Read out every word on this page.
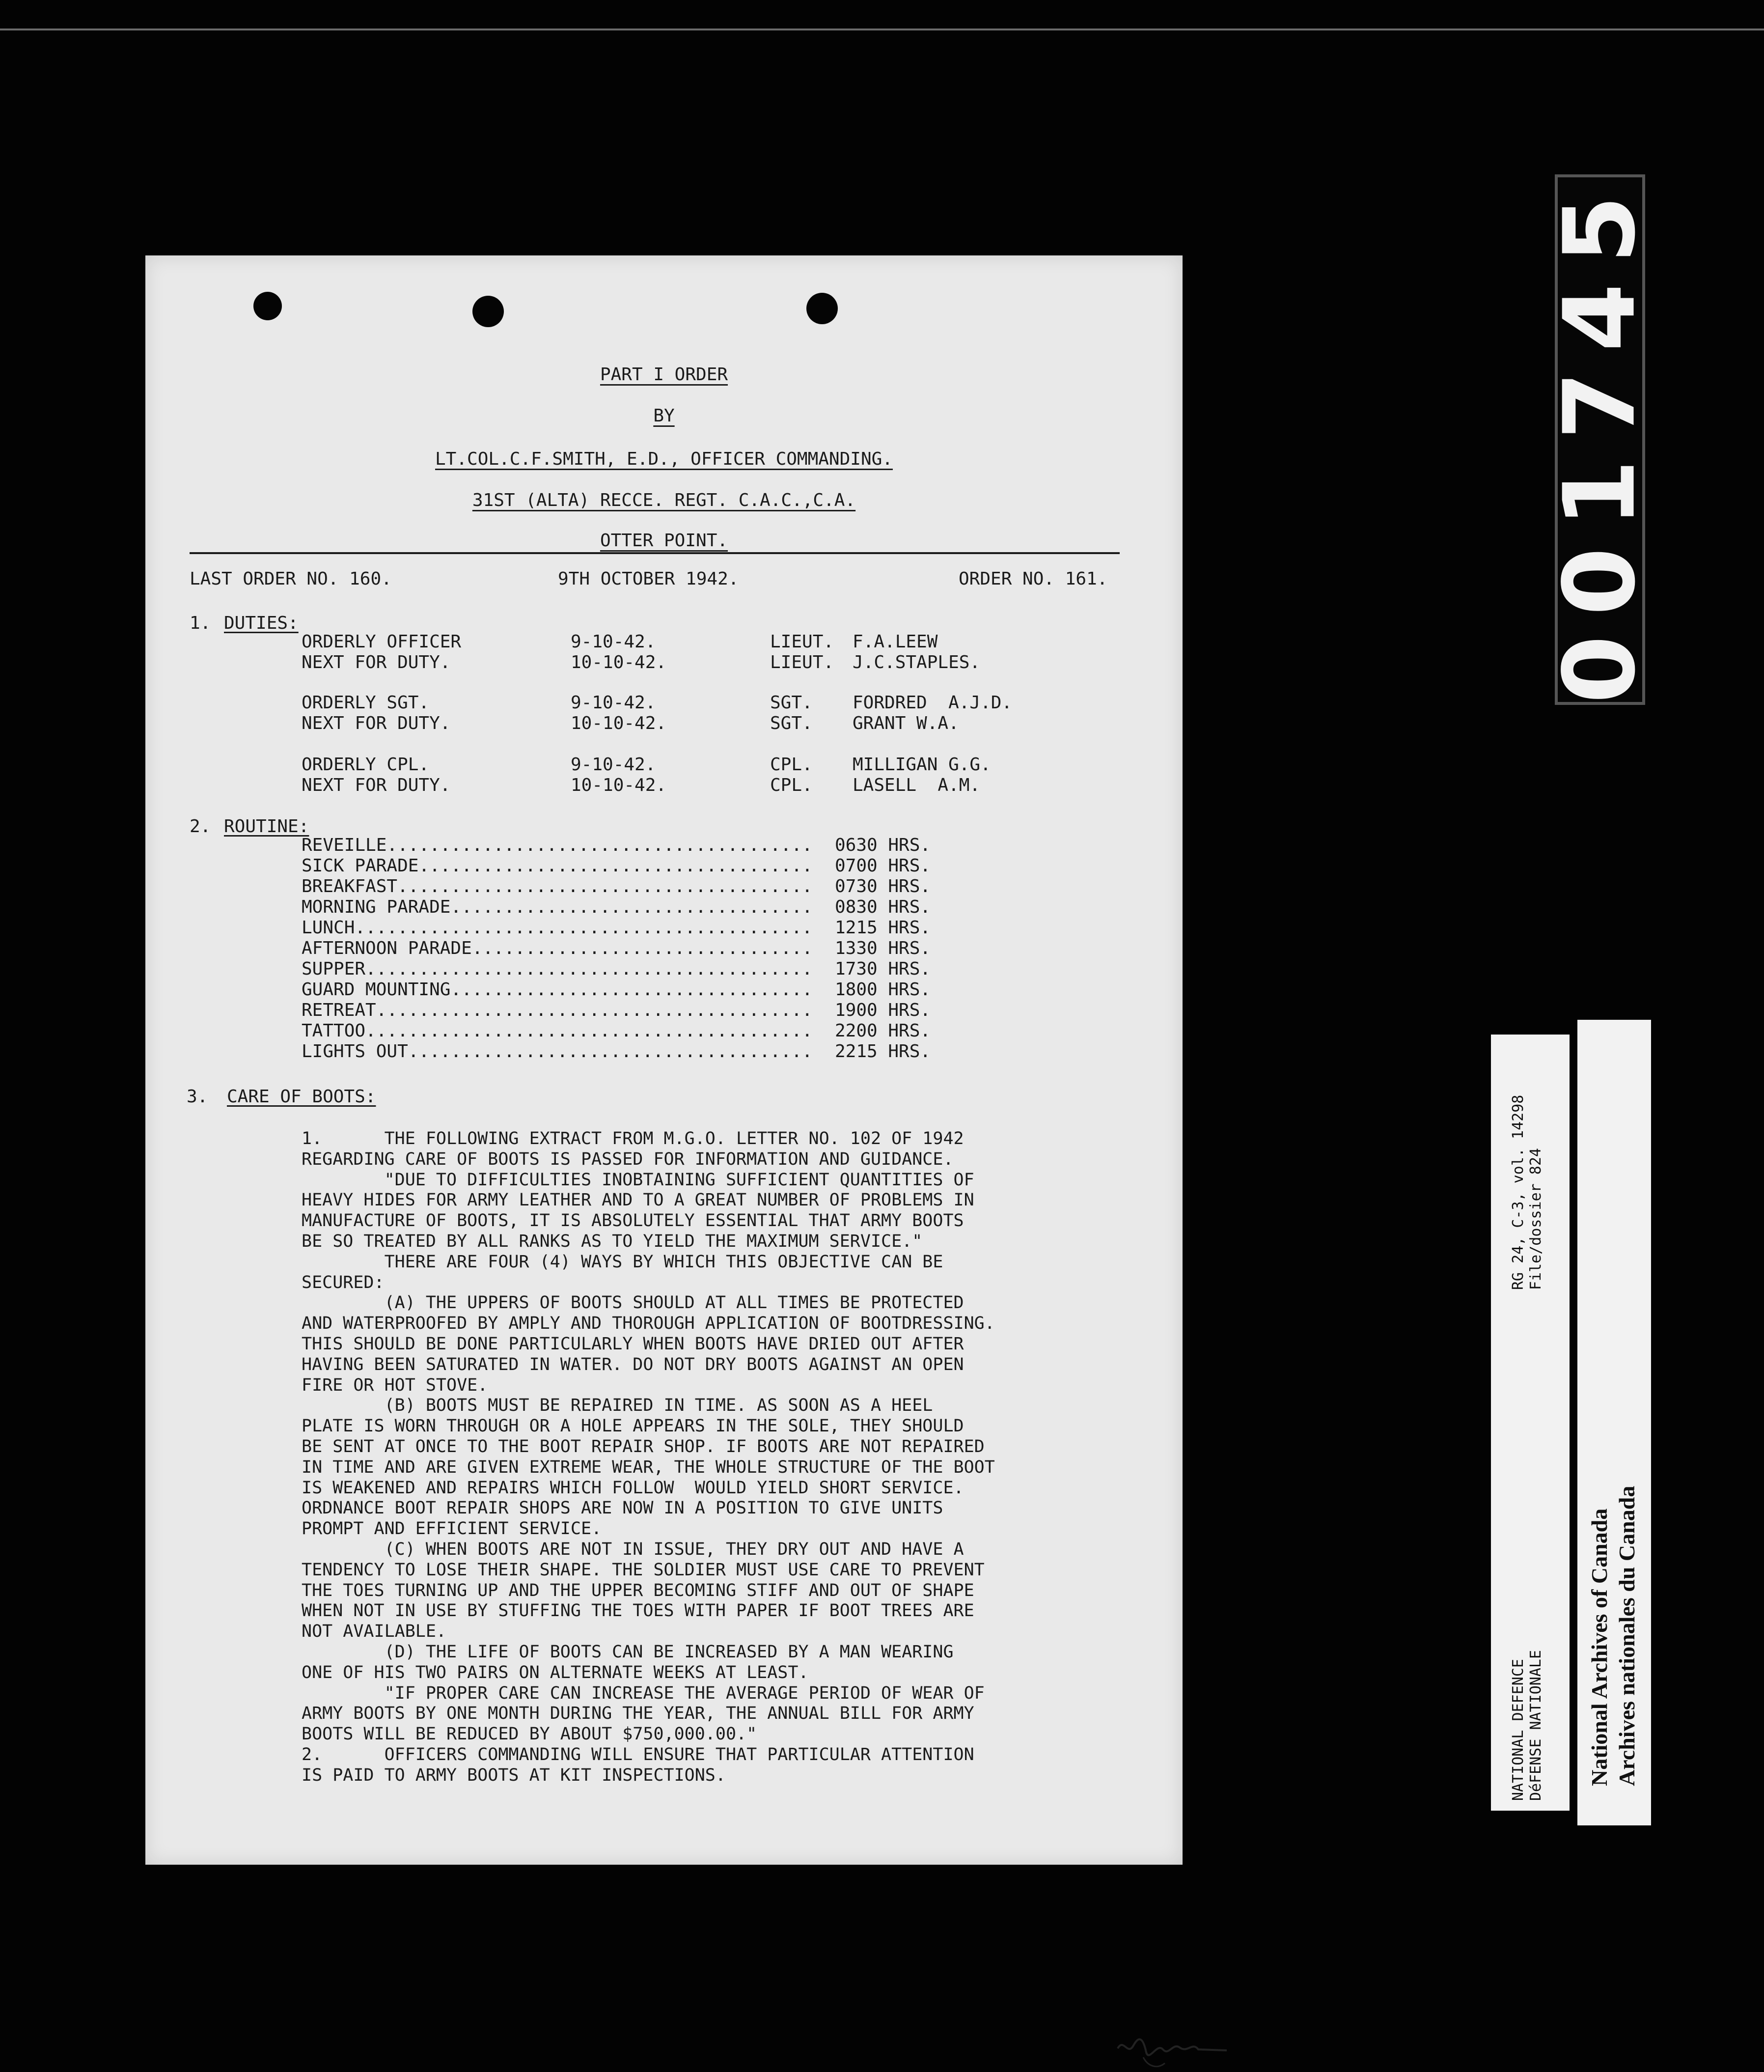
PART I ORDER
BY
LT.COL.C.F.SMITH, E.D., OFFICER COMMANDING.
31ST (ALTA) RECCE. REGT. C.A.C.,C.A.
OTTER POINT.
LAST ORDER NO. 160.	9TH OCTOBER 1942.	ORDER NO. 161.
1. DUTIES:
ORDERLY OFFICER	9-10-42.	LIEUT. F.A.LEEW
NEXT FOR DUTY.	10-10-42.	LIEUT. J.C.STAPLES.
ORDERLY SGT.	9-10-42.	SGT. FORDRED  A.J.D.
NEXT FOR DUTY.	10-10-42.	SGT. GRANT W.A.
ORDERLY CPL.	9-10-42.	CPL. MILLIGAN G.G.
NEXT FOR DUTY.	10-10-42.	CPL. LASELL  A.M.
2. ROUTINE:
REVEILLE ........................................ 0630 HRS.
SICK PARADE ..................................... 0700 HRS.
BREAKFAST ....................................... 0730 HRS.
MORNING PARADE .................................. 0830 HRS.
LUNCH ........................................... 1215 HRS.
AFTERNOON PARADE ................................ 1330 HRS.
SUPPER .......................................... 1730 HRS.
GUARD MOUNTING .................................. 1800 HRS.
RETREAT ......................................... 1900 HRS.
TATTOO .......................................... 2200 HRS.
LIGHTS OUT ...................................... 2215 HRS.
3. CARE OF BOOTS:
1.      THE FOLLOWING EXTRACT FROM M.G.O. LETTER NO. 102 OF 1942
REGARDING CARE OF BOOTS IS PASSED FOR INFORMATION AND GUIDANCE.
"DUE TO DIFFICULTIES INOBTAINING SUFFICIENT QUANTITIES OF
HEAVY HIDES FOR ARMY LEATHER AND TO A GREAT NUMBER OF PROBLEMS IN
MANUFACTURE OF BOOTS, IT IS ABSOLUTELY ESSENTIAL THAT ARMY BOOTS
BE SO TREATED BY ALL RANKS AS TO YIELD THE MAXIMUM SERVICE."
THERE ARE FOUR (4) WAYS BY WHICH THIS OBJECTIVE CAN BE
SECURED:
(A) THE UPPERS OF BOOTS SHOULD AT ALL TIMES BE PROTECTED
AND WATERPROOFED BY AMPLY AND THOROUGH APPLICATION OF BOOTDRESSING.
THIS SHOULD BE DONE PARTICULARLY WHEN BOOTS HAVE DRIED OUT AFTER
HAVING BEEN SATURATED IN WATER. DO NOT DRY BOOTS AGAINST AN OPEN
FIRE OR HOT STOVE.
(B) BOOTS MUST BE REPAIRED IN TIME. AS SOON AS A HEEL
PLATE IS WORN THROUGH OR A HOLE APPEARS IN THE SOLE, THEY SHOULD
BE SENT AT ONCE TO THE BOOT REPAIR SHOP. IF BOOTS ARE NOT REPAIRED
IN TIME AND ARE GIVEN EXTREME WEAR, THE WHOLE STRUCTURE OF THE BOOT
IS WEAKENED AND REPAIRS WHICH FOLLOW  WOULD YIELD SHORT SERVICE.
ORDNANCE BOOT REPAIR SHOPS ARE NOW IN A POSITION TO GIVE UNITS
PROMPT AND EFFICIENT SERVICE.
(C) WHEN BOOTS ARE NOT IN ISSUE, THEY DRY OUT AND HAVE A
TENDENCY TO LOSE THEIR SHAPE. THE SOLDIER MUST USE CARE TO PREVENT
THE TOES TURNING UP AND THE UPPER BECOMING STIFF AND OUT OF SHAPE
WHEN NOT IN USE BY STUFFING THE TOES WITH PAPER IF BOOT TREES ARE
NOT AVAILABLE.
(D) THE LIFE OF BOOTS CAN BE INCREASED BY A MAN WEARING
ONE OF HIS TWO PAIRS ON ALTERNATE WEEKS AT LEAST.
"IF PROPER CARE CAN INCREASE THE AVERAGE PERIOD OF WEAR OF
ARMY BOOTS BY ONE MONTH DURING THE YEAR, THE ANNUAL BILL FOR ARMY
BOOTS WILL BE REDUCED BY ABOUT $750,000.00."
2.      OFFICERS COMMANDING WILL ENSURE THAT PARTICULAR ATTENTION
IS PAID TO ARMY BOOTS AT KIT INSPECTIONS.
001745
NATIONAL DEFENCE DéFENSE NATIONALE
RG 24, C-3, vol. 14298 File/dossier 824
National Archives of Canada Archives nationales du Canada
